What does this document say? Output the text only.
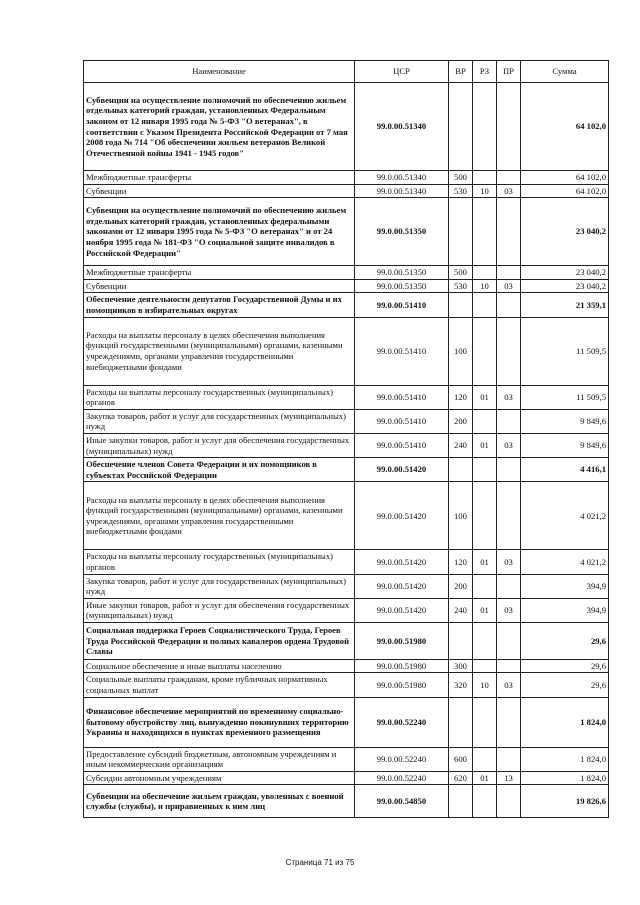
Наименование	ЦСР	ВР	РЗ	ПР	Сумма
Субвенции на осуществление полномочий по обеспечению жильем отдельных категорий граждан, установленных Федеральным законом от 12 января 1995 года № 5-ФЗ "О ветеранах", в соответствии с Указом Президента Российской Федерации от 7 мая 2008 года № 714 "Об обеспечении жильем ветеранов Великой Отечественной войны 1941 - 1945 годов"	99.0.00.51340				64 102,0
Межбюджетные трансферты	99.0.00.51340	500			64 102,0
Субвенции	99.0.00.51340	530	10	03	64 102,0
Субвенции на осуществление полномочий по обеспечению жильем отдельных категорий граждан, установленных федеральными законами от 12 января 1995 года № 5-ФЗ "О ветеранах" и от 24 ноября 1995 года № 181-ФЗ "О социальной защите инвалидов в Российской Федерации"	99.0.00.51350				23 040,2
Межбюджетные трансферты	99.0.00.51350	500			23 040,2
Субвенции	99.0.00.51350	530	10	03	23 040,2
Обеспечение деятельности депутатов Государственной Думы и их помощников в избирательных округах	99.0.00.51410				21 359,1
Расходы на выплаты персоналу в целях обеспечения выполнения функций государственными (муниципальными) органами, казенными учреждениями, органами управления государственными внебюджетными фондами	99.0.00.51410	100			11 509,5
Расходы на выплаты персоналу государственных (муниципальных) органов	99.0.00.51410	120	01	03	11 509,5
Закупка товаров, работ и услуг для государственных (муниципальных) нужд	99.0.00.51410	200			9 849,6
Иные закупки товаров, работ и услуг для обеспечения государственных (муниципальных) нужд	99.0.00.51410	240	01	03	9 849,6
Обеспечение членов Совета Федерации и их помощников в субъектах Российской Федерации	99.0.00.51420				4 416,1
Расходы на выплаты персоналу в целях обеспечения выполнения функций государственными (муниципальными) органами, казенными учреждениями, органами управления государственными внебюджетными фондами	99.0.00.51420	100			4 021,2
Расходы на выплаты персоналу государственных (муниципальных) органов	99.0.00.51420	120	01	03	4 021,2
Закупка товаров, работ и услуг для государственных (муниципальных) нужд	99.0.00.51420	200			394,9
Иные закупки товаров, работ и услуг для обеспечения государственных (муниципальных) нужд	99.0.00.51420	240	01	03	394,9
Социальная поддержка Героев Социалистического Труда, Героев Труда Российской Федерации и полных кавалеров ордена Трудовой Славы	99.0.00.51980				29,6
Социальное обеспечение и иные выплаты населению	99.0.00.51980	300			29,6
Социальные выплаты гражданам, кроме публичных нормативных социальных выплат	99.0.00.51980	320	10	03	29,6
Финансовое обеспечение мероприятий по временному социально-бытовому обустройству лиц, вынужденно покинувших территорию Украины и находящихся в пунктах временного размещения	99.0.00.52240				1 824,0
Предоставление субсидий бюджетным, автономным учреждениям и иным некоммерческим организациям	99.0.00.52240	600			1 824,0
Субсидии автономным учреждениям	99.0.00.52240	620	01	13	1 824,0
Субвенции на обеспечение жильем граждан, уволенных с военной службы (службы), и приравненных к ним лиц	99.0.00.54850				19 826,6
Страница 71 из 75
